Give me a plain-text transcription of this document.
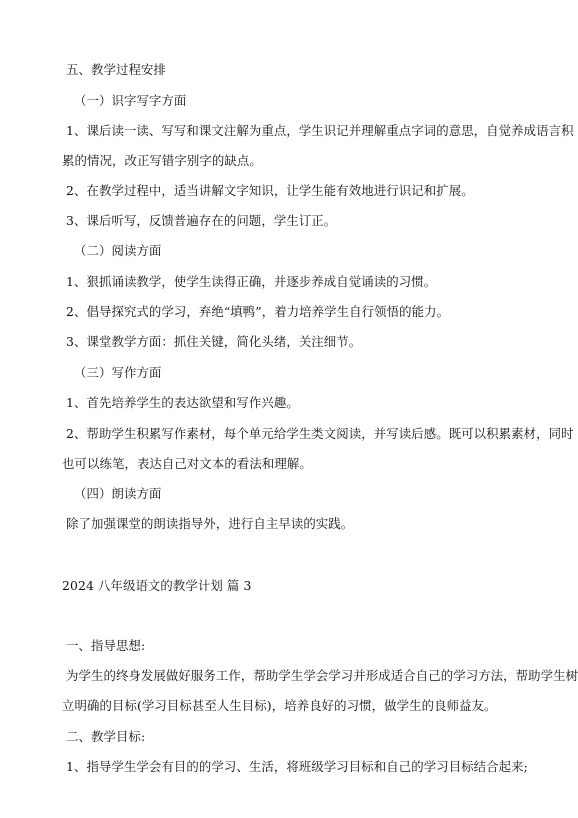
五、教学过程安排
（一）识字写字方面
1、课后读一读、写写和课文注解为重点，学生识记并理解重点字词的意思，自觉养成语言积
累的情况，改正写错字别字的缺点。
2、在教学过程中，适当讲解文字知识，让学生能有效地进行识记和扩展。
3、课后听写，反馈普遍存在的问题，学生订正。
（二）阅读方面
1、狠抓诵读教学，使学生读得正确，并逐步养成自觉诵读的习惯。
2、倡导探究式的学习，弃绝“填鸭”，着力培养学生自行领悟的能力。
3、课堂教学方面：抓住关键，简化头绪，关注细节。
（三）写作方面
1、首先培养学生的表达欲望和写作兴趣。
2、帮助学生积累写作素材，每个单元给学生类文阅读，并写读后感。既可以积累素材，同时
也可以练笔，表达自己对文本的看法和理解。
（四）朗读方面
除了加强课堂的朗读指导外，进行自主早读的实践。
2024 八年级语文的教学计划 篇 3
一、指导思想:
为学生的终身发展做好服务工作，帮助学生学会学习并形成适合自己的学习方法，帮助学生树
立明确的目标(学习目标甚至人生目标)，培养良好的习惯，做学生的良师益友。
二、教学目标:
1、指导学生学会有目的的学习、生活，将班级学习目标和自己的学习目标结合起来;
